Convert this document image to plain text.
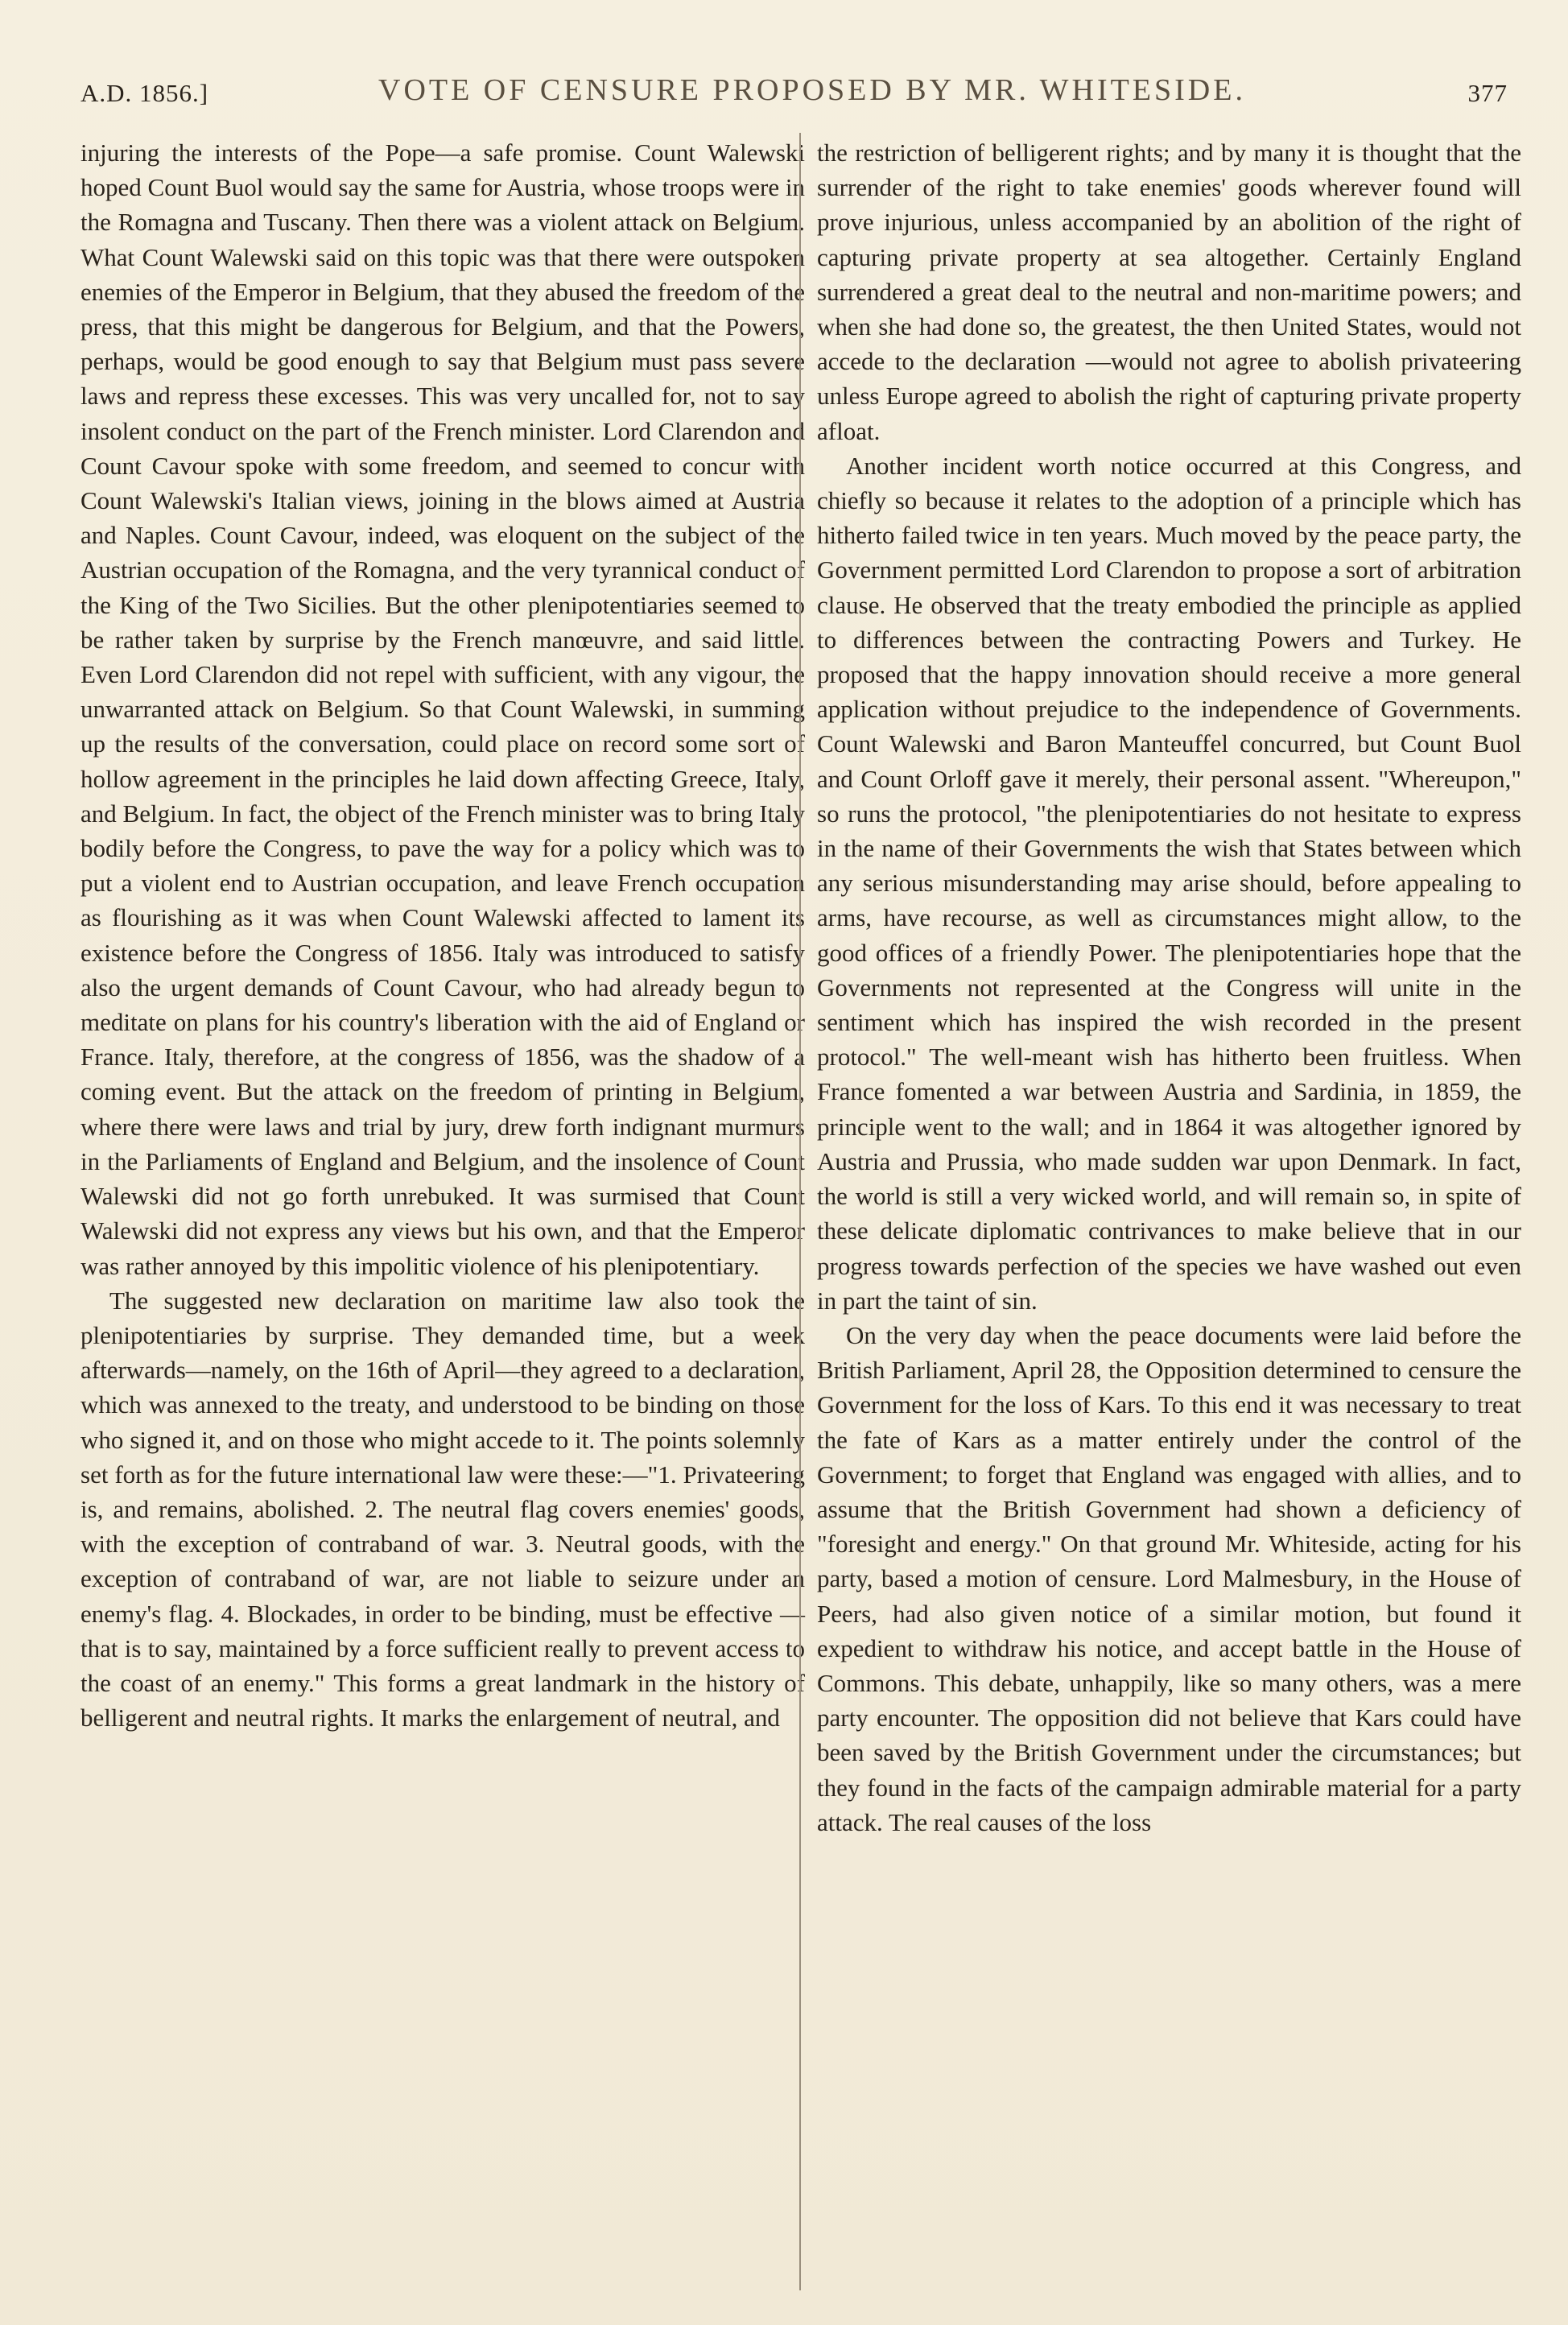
A.D. 1856.]	VOTE OF CENSURE PROPOSED BY MR. WHITESIDE.	377

injuring the interests of the Pope—a safe promise. Count Walewski hoped Count Buol would say the same for Austria, whose troops were in the Romagna and Tuscany. Then there was a violent attack on Belgium. What Count Walewski said on this topic was that there were outspoken enemies of the Emperor in Belgium, that they abused the freedom of the press, that this might be dangerous for Belgium, and that the Powers, perhaps, would be good enough to say that Belgium must pass severe laws and repress these excesses. This was very uncalled for, not to say insolent conduct on the part of the French minister. Lord Clarendon and Count Cavour spoke with some freedom, and seemed to concur with Count Walewski's Italian views, joining in the blows aimed at Austria and Naples. Count Cavour, indeed, was eloquent on the subject of the Austrian occupation of the Romagna, and the very tyrannical conduct of the King of the Two Sicilies. But the other plenipotentiaries seemed to be rather taken by surprise by the French manœuvre, and said little. Even Lord Clarendon did not repel with sufficient, with any vigour, the unwarranted attack on Belgium. So that Count Walewski, in summing up the results of the conversation, could place on record some sort of hollow agreement in the principles he laid down affecting Greece, Italy, and Belgium. In fact, the object of the French minister was to bring Italy bodily before the Congress, to pave the way for a policy which was to put a violent end to Austrian occupation, and leave French occupation as flourishing as it was when Count Walewski affected to lament its existence before the Congress of 1856. Italy was introduced to satisfy also the urgent demands of Count Cavour, who had already begun to meditate on plans for his country's liberation with the aid of England or France. Italy, therefore, at the congress of 1856, was the shadow of a coming event. But the attack on the freedom of printing in Belgium, where there were laws and trial by jury, drew forth indignant murmurs in the Parliaments of England and Belgium, and the insolence of Count Walewski did not go forth unrebuked. It was surmised that Count Walewski did not express any views but his own, and that the Emperor was rather annoyed by this impolitic violence of his plenipotentiary.

The suggested new declaration on maritime law also took the plenipotentiaries by surprise. They demanded time, but a week afterwards—namely, on the 16th of April—they agreed to a declaration, which was annexed to the treaty, and understood to be binding on those who signed it, and on those who might accede to it. The points solemnly set forth as for the future international law were these:—"1. Privateering is, and remains, abolished. 2. The neutral flag covers enemies' goods, with the exception of contraband of war. 3. Neutral goods, with the exception of contraband of war, are not liable to seizure under an enemy's flag. 4. Blockades, in order to be binding, must be effective —that is to say, maintained by a force sufficient really to prevent access to the coast of an enemy." This forms a great landmark in the history of belligerent and neutral rights. It marks the enlargement of neutral, and

the restriction of belligerent rights; and by many it is thought that the surrender of the right to take enemies' goods wherever found will prove injurious, unless accompanied by an abolition of the right of capturing private property at sea altogether. Certainly England surrendered a great deal to the neutral and non-maritime powers; and when she had done so, the greatest, the then United States, would not accede to the declaration —would not agree to abolish privateering unless Europe agreed to abolish the right of capturing private property afloat.

Another incident worth notice occurred at this Congress, and chiefly so because it relates to the adoption of a principle which has hitherto failed twice in ten years. Much moved by the peace party, the Government permitted Lord Clarendon to propose a sort of arbitration clause. He observed that the treaty embodied the principle as applied to differences between the contracting Powers and Turkey. He proposed that the happy innovation should receive a more general application without prejudice to the independence of Governments. Count Walewski and Baron Manteuffel concurred, but Count Buol and Count Orloff gave it merely, their personal assent. "Whereupon," so runs the protocol, "the plenipotentiaries do not hesitate to express in the name of their Governments the wish that States between which any serious misunderstanding may arise should, before appealing to arms, have recourse, as well as circumstances might allow, to the good offices of a friendly Power. The plenipotentiaries hope that the Governments not represented at the Congress will unite in the sentiment which has inspired the wish recorded in the present protocol." The well-meant wish has hitherto been fruitless. When France fomented a war between Austria and Sardinia, in 1859, the principle went to the wall; and in 1864 it was altogether ignored by Austria and Prussia, who made sudden war upon Denmark. In fact, the world is still a very wicked world, and will remain so, in spite of these delicate diplomatic contrivances to make believe that in our progress towards perfection of the species we have washed out even in part the taint of sin.

On the very day when the peace documents were laid before the British Parliament, April 28, the Opposition determined to censure the Government for the loss of Kars. To this end it was necessary to treat the fate of Kars as a matter entirely under the control of the Government; to forget that England was engaged with allies, and to assume that the British Government had shown a deficiency of "foresight and energy." On that ground Mr. Whiteside, acting for his party, based a motion of censure. Lord Malmesbury, in the House of Peers, had also given notice of a similar motion, but found it expedient to withdraw his notice, and accept battle in the House of Commons. This debate, unhappily, like so many others, was a mere party encounter. The opposition did not believe that Kars could have been saved by the British Government under the circumstances; but they found in the facts of the campaign admirable material for a party attack. The real causes of the loss
